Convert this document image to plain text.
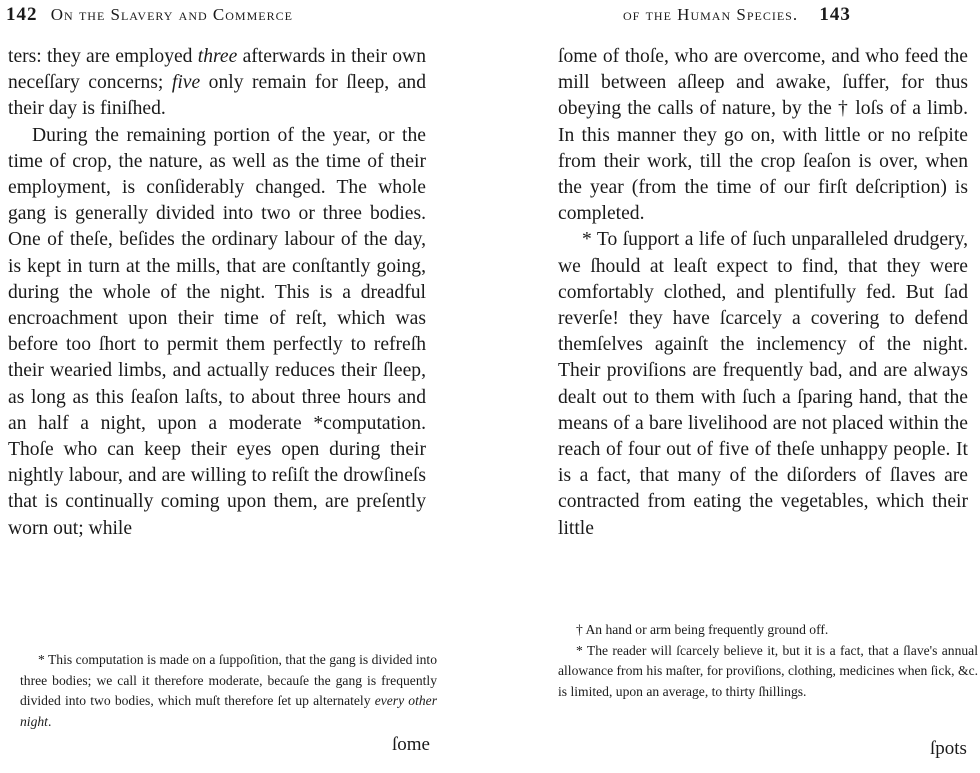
142 On the Slavery and Commerce

ters: they are employed three afterwards in their own neceſſary concerns; five only remain for ſleep, and their day is finiſhed.

During the remaining portion of the year, or the time of crop, the nature, as well as the time of their employment, is conſiderably changed. The whole gang is generally divided into two or three bodies. One of theſe, beſides the ordinary labour of the day, is kept in turn at the mills, that are conſtantly going, during the whole of the night. This is a dreadful encroachment upon their time of reſt, which was before too ſhort to permit them perfectly to refreſh their wearied limbs, and actually reduces their ſleep, as long as this ſeaſon laſts, to about three hours and an half a night, upon a moderate *computation. Thoſe who can keep their eyes open during their nightly labour, and are willing to reſiſt the drowſineſs that is continually coming upon them, are preſently worn out; while

* This computation is made on a ſuppoſition, that the gang is divided into three bodies; we call it therefore moderate, becauſe the gang is frequently divided into two bodies, which muſt therefore ſet up alternately every other night.

ſome
of the Human Species. 143

ſome of thoſe, who are overcome, and who feed the mill between aſleep and awake, ſuffer, for thus obeying the calls of nature, by the † loſs of a limb. In this manner they go on, with little or no reſpite from their work, till the crop ſeaſon is over, when the year (from the time of our firſt deſcription) is completed.

* To ſupport a life of ſuch unparalleled drudgery, we ſhould at leaſt expect to find, that they were comfortably clothed, and plentifully fed. But ſad reverſe! they have ſcarcely a covering to defend themſelves againſt the inclemency of the night. Their proviſions are frequently bad, and are always dealt out to them with ſuch a ſparing hand, that the means of a bare livelihood are not placed within the reach of four out of five of theſe unhappy people. It is a fact, that many of the diſorders of ſlaves are contracted from eating the vegetables, which their little

† An hand or arm being frequently ground off.

* The reader will ſcarcely believe it, but it is a fact, that a ſlave's annual allowance from his maſter, for proviſions, clothing, medicines when ſick, &c. is limited, upon an average, to thirty ſhillings.

ſpots
